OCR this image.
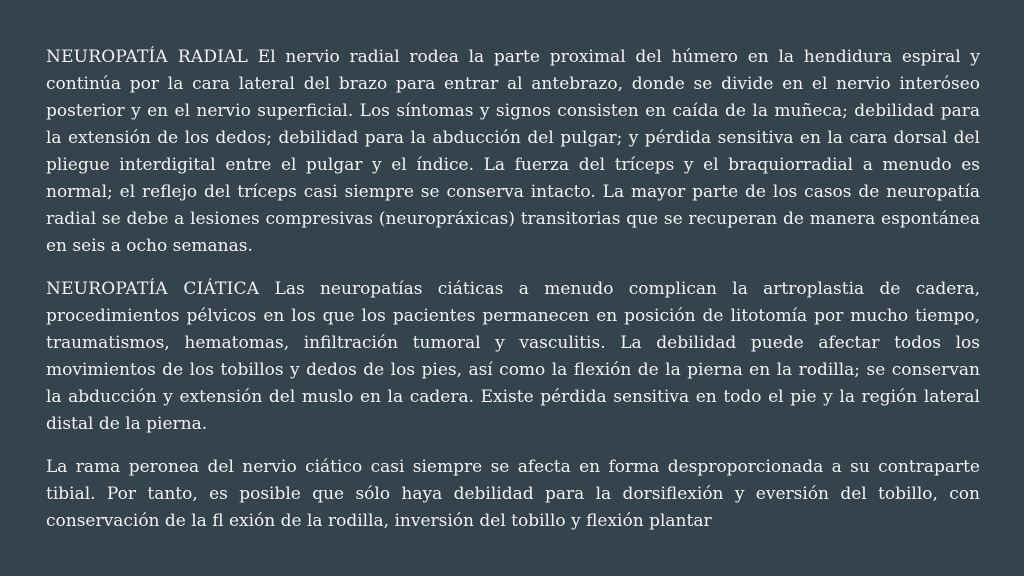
NEUROPATÍA RADIAL El nervio radial rodea la parte proximal del húmero en la hendidura espiral y continúa por la cara lateral del brazo para entrar al antebrazo, donde se divide en el nervio interóseo posterior y en el nervio superficial. Los síntomas y signos consisten en caída de la muñeca; debilidad para la extensión de los dedos; debilidad para la abducción del pulgar; y pérdida sensitiva en la cara dorsal del pliegue interdigital entre el pulgar y el índice. La fuerza del tríceps y el braquiorradial a menudo es normal; el reflejo del tríceps casi siempre se conserva intacto. La mayor parte de los casos de neuropatía radial se debe a lesiones compresivas (neuropráxicas) transitorias que se recuperan de manera espontánea en seis a ocho semanas.

NEUROPATÍA CIÁTICA Las neuropatías ciáticas a menudo complican la artroplastia de cadera, procedimientos pélvicos en los que los pacientes permanecen en posición de litotomía por mucho tiempo, traumatismos, hematomas, infiltración tumoral y vasculitis. La debilidad puede afectar todos los movimientos de los tobillos y dedos de los pies, así como la flexión de la pierna en la rodilla; se conservan la abducción y extensión del muslo en la cadera. Existe pérdida sensitiva en todo el pie y la región lateral distal de la pierna.

La rama peronea del nervio ciático casi siempre se afecta en forma desproporcionada a su contraparte tibial. Por tanto, es posible que sólo haya debilidad para la dorsiflexión y eversión del tobillo, con conservación de la fl exión de la rodilla, inversión del tobillo y flexión plantar
